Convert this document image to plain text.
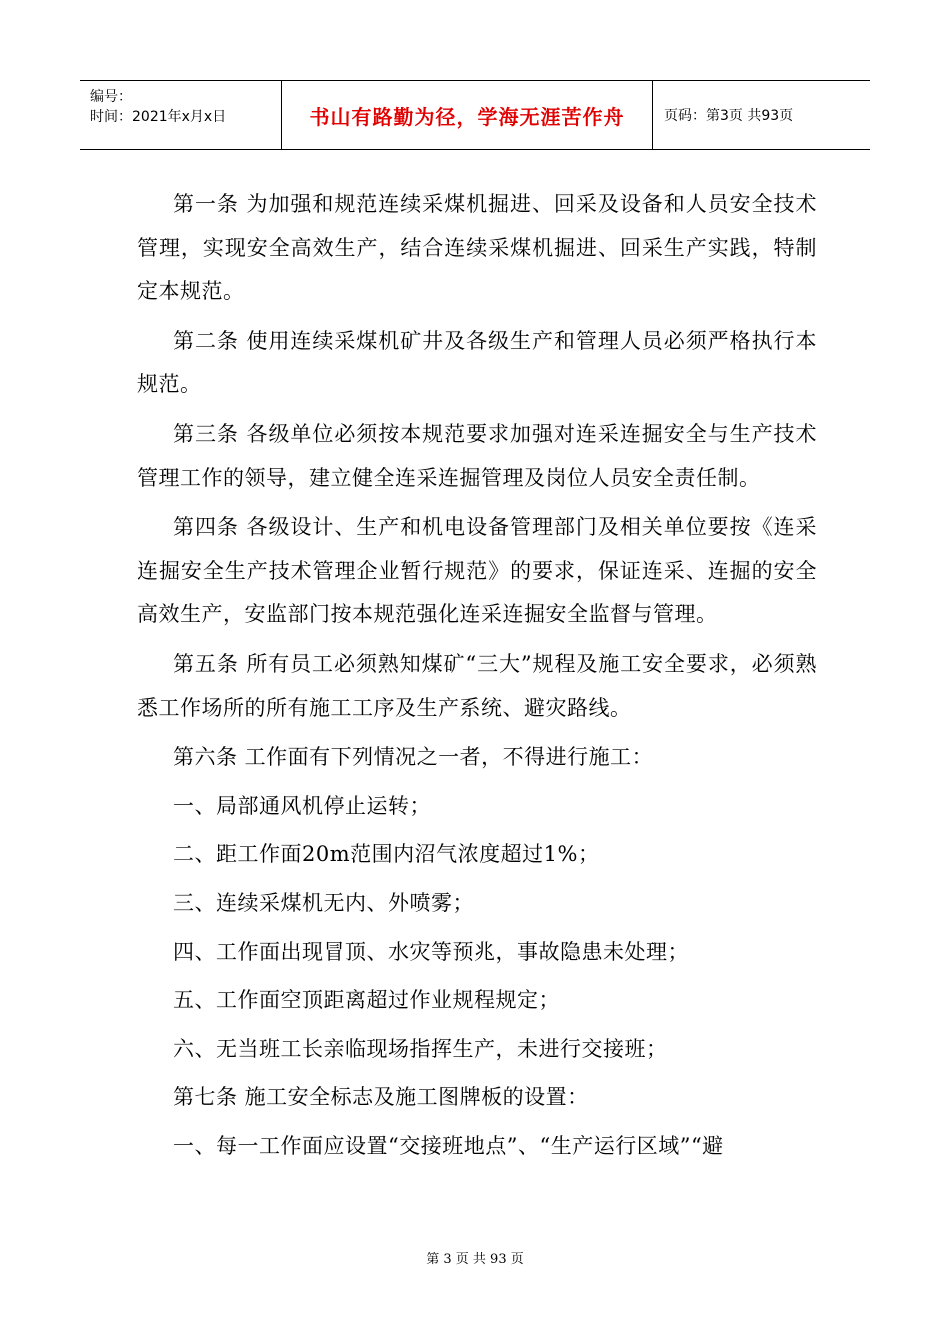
编号：
时间：2021年x月x日	书山有路勤为径，学海无涯苦作舟	页码：第3页 共93页

第一条 为加强和规范连续采煤机掘进、回采及设备和人员安全技术管理，实现安全高效生产，结合连续采煤机掘进、回采生产实践，特制定本规范。

第二条 使用连续采煤机矿井及各级生产和管理人员必须严格执行本规范。

第三条 各级单位必须按本规范要求加强对连采连掘安全与生产技术管理工作的领导，建立健全连采连掘管理及岗位人员安全责任制。

第四条 各级设计、生产和机电设备管理部门及相关单位要按《连采连掘安全生产技术管理企业暂行规范》的要求，保证连采、连掘的安全高效生产，安监部门按本规范强化连采连掘安全监督与管理。

第五条 所有员工必须熟知煤矿“三大”规程及施工安全要求，必须熟悉工作场所的所有施工工序及生产系统、避灾路线。

第六条 工作面有下列情况之一者，不得进行施工：

一、局部通风机停止运转；

二、距工作面20m范围内沼气浓度超过1%；

三、连续采煤机无内、外喷雾；

四、工作面出现冒顶、水灾等预兆，事故隐患未处理；

五、工作面空顶距离超过作业规程规定；

六、无当班工长亲临现场指挥生产，未进行交接班；

第七条 施工安全标志及施工图牌板的设置：

一、每一工作面应设置“交接班地点”、“生产运行区域”“避

第 3 页 共 93 页
